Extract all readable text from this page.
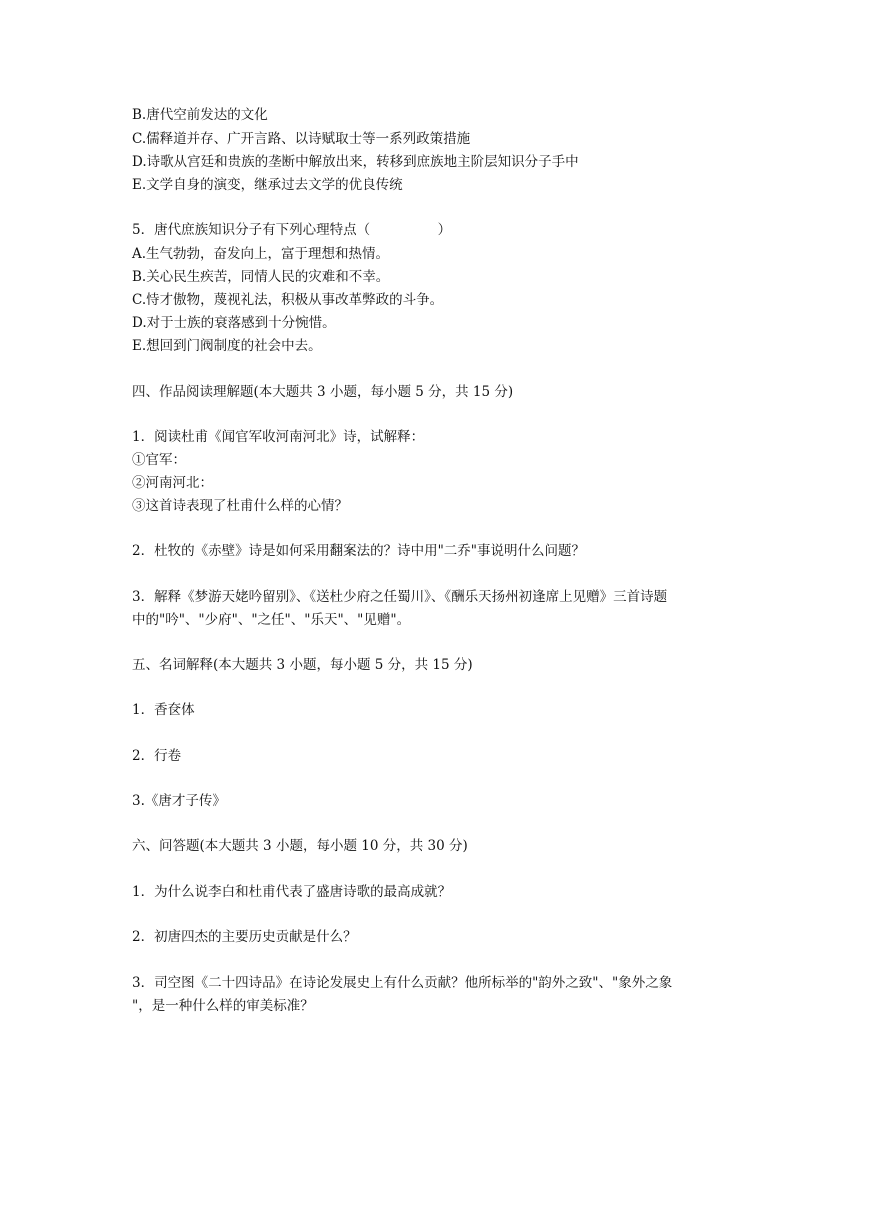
B.唐代空前发达的文化
C.儒释道并存、广开言路、以诗赋取士等一系列政策措施
D.诗歌从宫廷和贵族的垄断中解放出来，转移到庶族地主阶层知识分子手中
E.文学自身的演变，继承过去文学的优良传统
5．唐代庶族知识分子有下列心理特点（　　　　　）
A.生气勃勃，奋发向上，富于理想和热情。
B.关心民生疾苦，同情人民的灾难和不幸。
C.恃才傲物，蔑视礼法，积极从事改革弊政的斗争。
D.对于士族的衰落感到十分惋惜。
E.想回到门阀制度的社会中去。
四、作品阅读理解题(本大题共 3 小题，每小题 5 分，共 15 分)
1．阅读杜甫《闻官军收河南河北》诗，试解释：
①官军：
②河南河北：
③这首诗表现了杜甫什么样的心情？
2．杜牧的《赤壁》诗是如何采用翻案法的？诗中用"二乔"事说明什么问题？
3．解释《梦游天姥吟留别》、《送杜少府之任蜀川》、《酬乐天扬州初逢席上见赠》三首诗题
中的"吟"、"少府"、"之任"、"乐天"、"见赠"。
五、名词解释(本大题共 3 小题，每小题 5 分，共 15 分)
1．香奁体
2．行卷
3.《唐才子传》
六、问答题(本大题共 3 小题，每小题 10 分，共 30 分)
1．为什么说李白和杜甫代表了盛唐诗歌的最高成就？
2．初唐四杰的主要历史贡献是什么？
3．司空图《二十四诗品》在诗论发展史上有什么贡献？他所标举的"韵外之致"、"象外之象
"，是一种什么样的审美标准？
